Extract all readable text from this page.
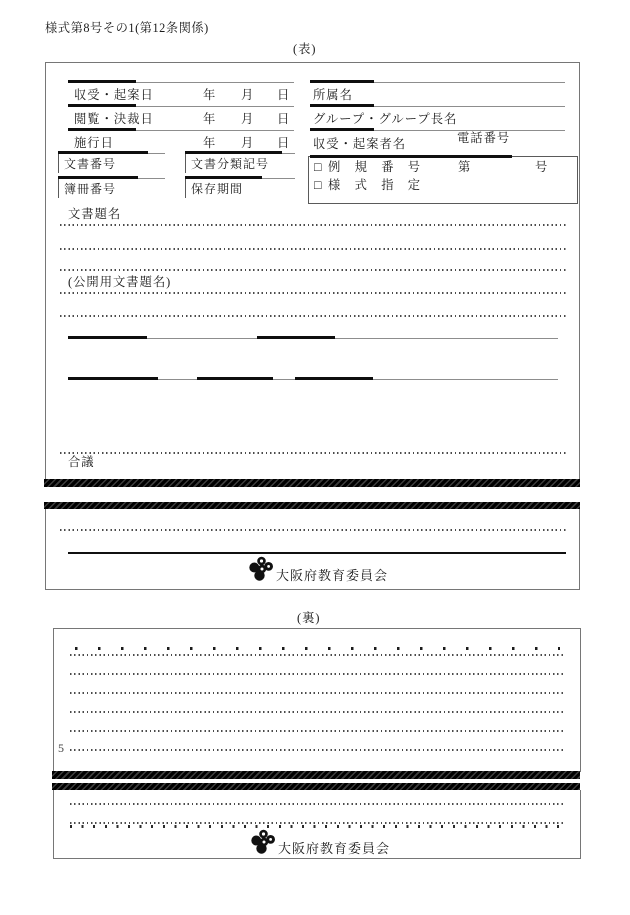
様式第8号その1(第12条関係)
(表)
収受・起案日	年 月 日
閲覧・決裁日	年 月 日
施行日	年 月 日
所属名
グループ・グループ長名
収受・起案者名	電話番号
文書番号	文書分類記号
簿冊番号	保存期間
□ 例　規　番　号	第	号
□ 様　式　指　定
文書題名
(公開用文書題名)
合議
大阪府教育委員会
(裏)
5
大阪府教育委員会
